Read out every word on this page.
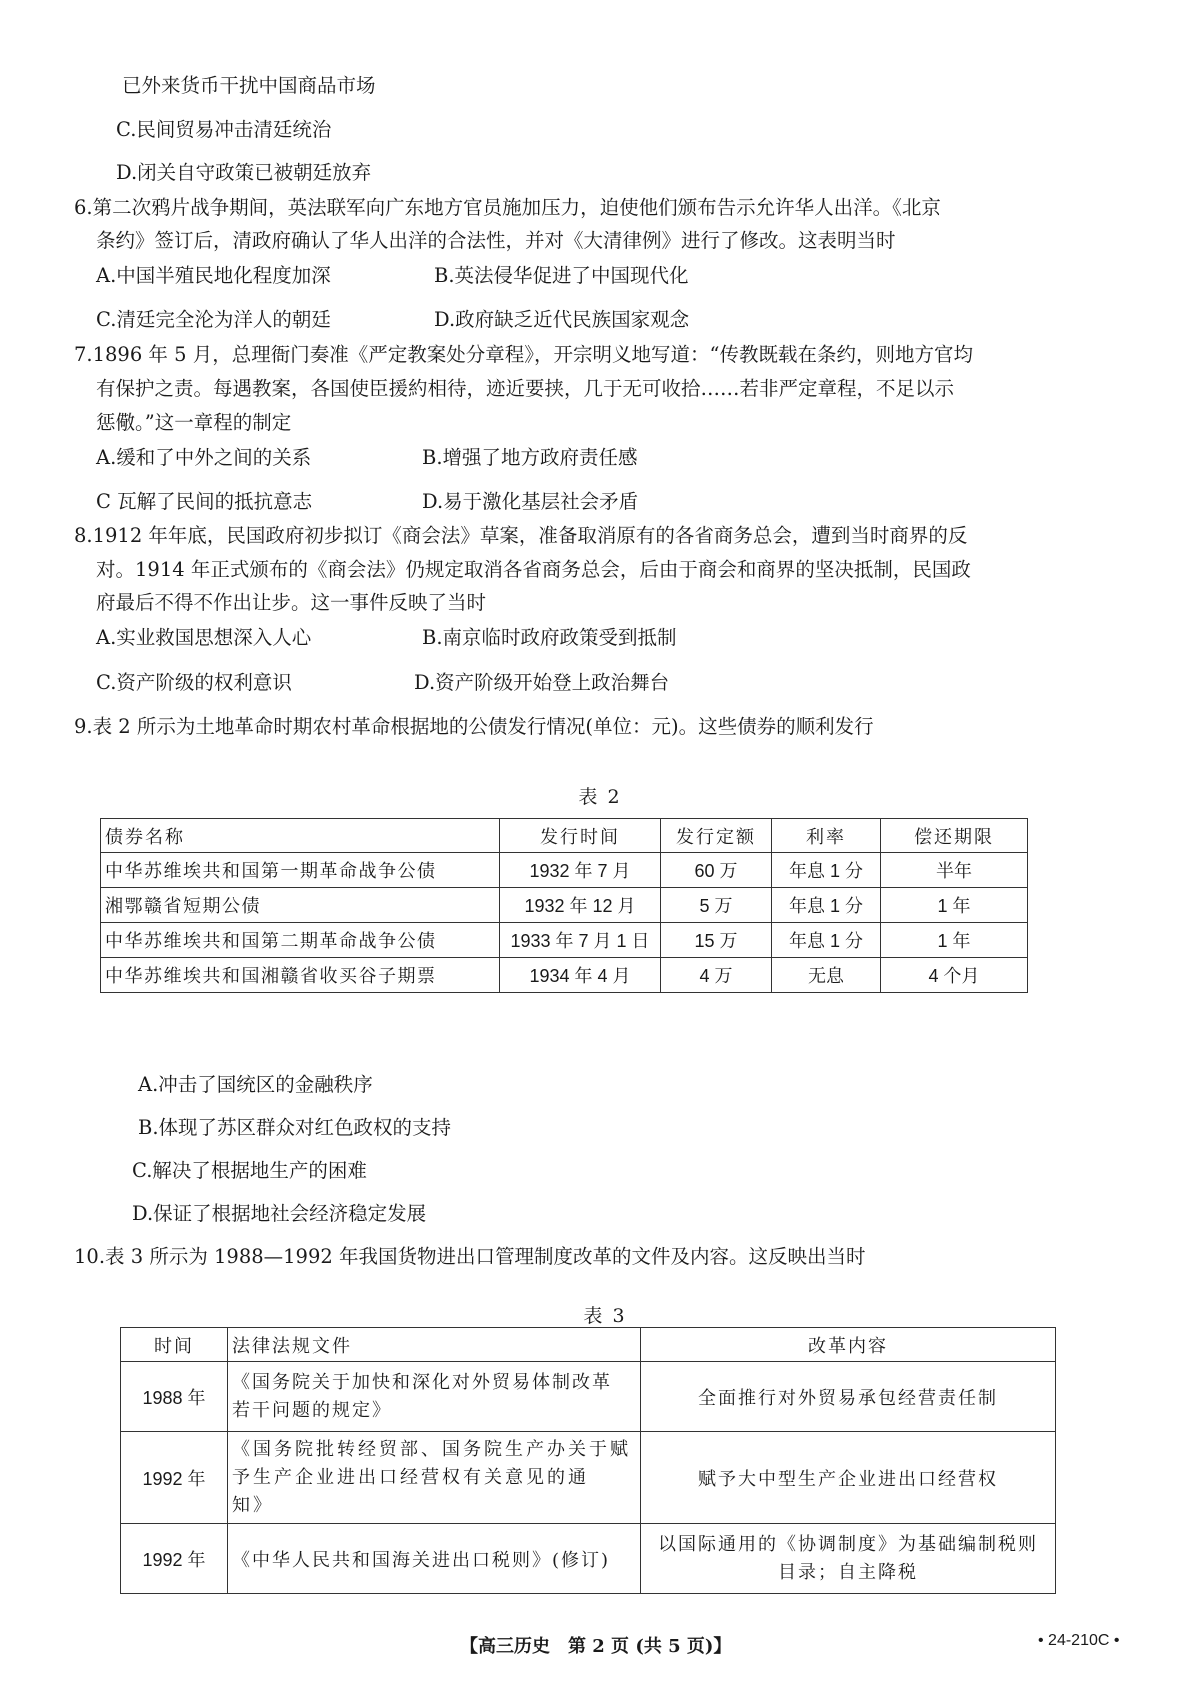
已外来货币干扰中国商品市场
C.民间贸易冲击清廷统治
D.闭关自守政策已被朝廷放弃
6.第二次鸦片战争期间，英法联军向广东地方官员施加压力，迫使他们颁布告示允许华人出洋。《北京
条约》签订后，清政府确认了华人出洋的合法性，并对《大清律例》进行了修改。这表明当时
A.中国半殖民地化程度加深	B.英法侵华促进了中国现代化
C.清廷完全沦为洋人的朝廷	D.政府缺乏近代民族国家观念
7.1896 年 5 月，总理衙门奏准《严定教案处分章程》，开宗明义地写道：“传教既载在条约，则地方官均
有保护之责。每遇教案，各国使臣援約相待，迹近要挟，几于无可收拾……若非严定章程，不足以示
惩儆。”这一章程的制定
A.缓和了中外之间的关系	B.增强了地方政府责任感
C 瓦解了民间的抵抗意志	D.易于激化基层社会矛盾
8.1912 年年底，民国政府初步拟订《商会法》草案，准备取消原有的各省商务总会，遭到当时商界的反
对。1914 年正式颁布的《商会法》仍规定取消各省商务总会，后由于商会和商界的坚决抵制，民国政
府最后不得不作出让步。这一事件反映了当时
A.实业救国思想深入人心	B.南京临时政府政策受到抵制
C.资产阶级的权利意识	D.资产阶级开始登上政治舞台
9.表 2 所示为土地革命时期农村革命根据地的公债发行情况(单位：元)。这些债券的顺利发行
表 2
债券名称	发行时间	发行定额	利率	偿还期限
中华苏维埃共和国第一期革命战争公债	1932 年 7 月	60 万	年息 1 分	半年
湘鄂赣省短期公债	1932 年 12 月	5 万	年息 1 分	1 年
中华苏维埃共和国第二期革命战争公债	1933 年 7 月 1 日	15 万	年息 1 分	1 年
中华苏维埃共和国湘赣省收买谷子期票	1934 年 4 月	4 万	无息	4 个月
A.冲击了国统区的金融秩序
B.体现了苏区群众对红色政权的支持
C.解决了根据地生产的困难
D.保证了根据地社会经济稳定发展
10.表 3 所示为 1988—1992 年我国货物进出口管理制度改革的文件及内容。这反映出当时
表 3
时间	法律法规文件	改革内容
1988 年	《国务院关于加快和深化对外贸易体制改革
若干问题的规定》	全面推行对外贸易承包经营责任制
1992 年	《国务院批转经贸部、国务院生产办关于赋
予生产企业进出口经营权有关意见的通
知》	赋予大中型生产企业进出口经营权
1992 年	《中华人民共和国海关进出口税则》(修订)	以国际通用的《协调制度》为基础编制税则
目录；自主降税
【高三历史　第 2 页 (共 5 页)】	• 24-210C •
